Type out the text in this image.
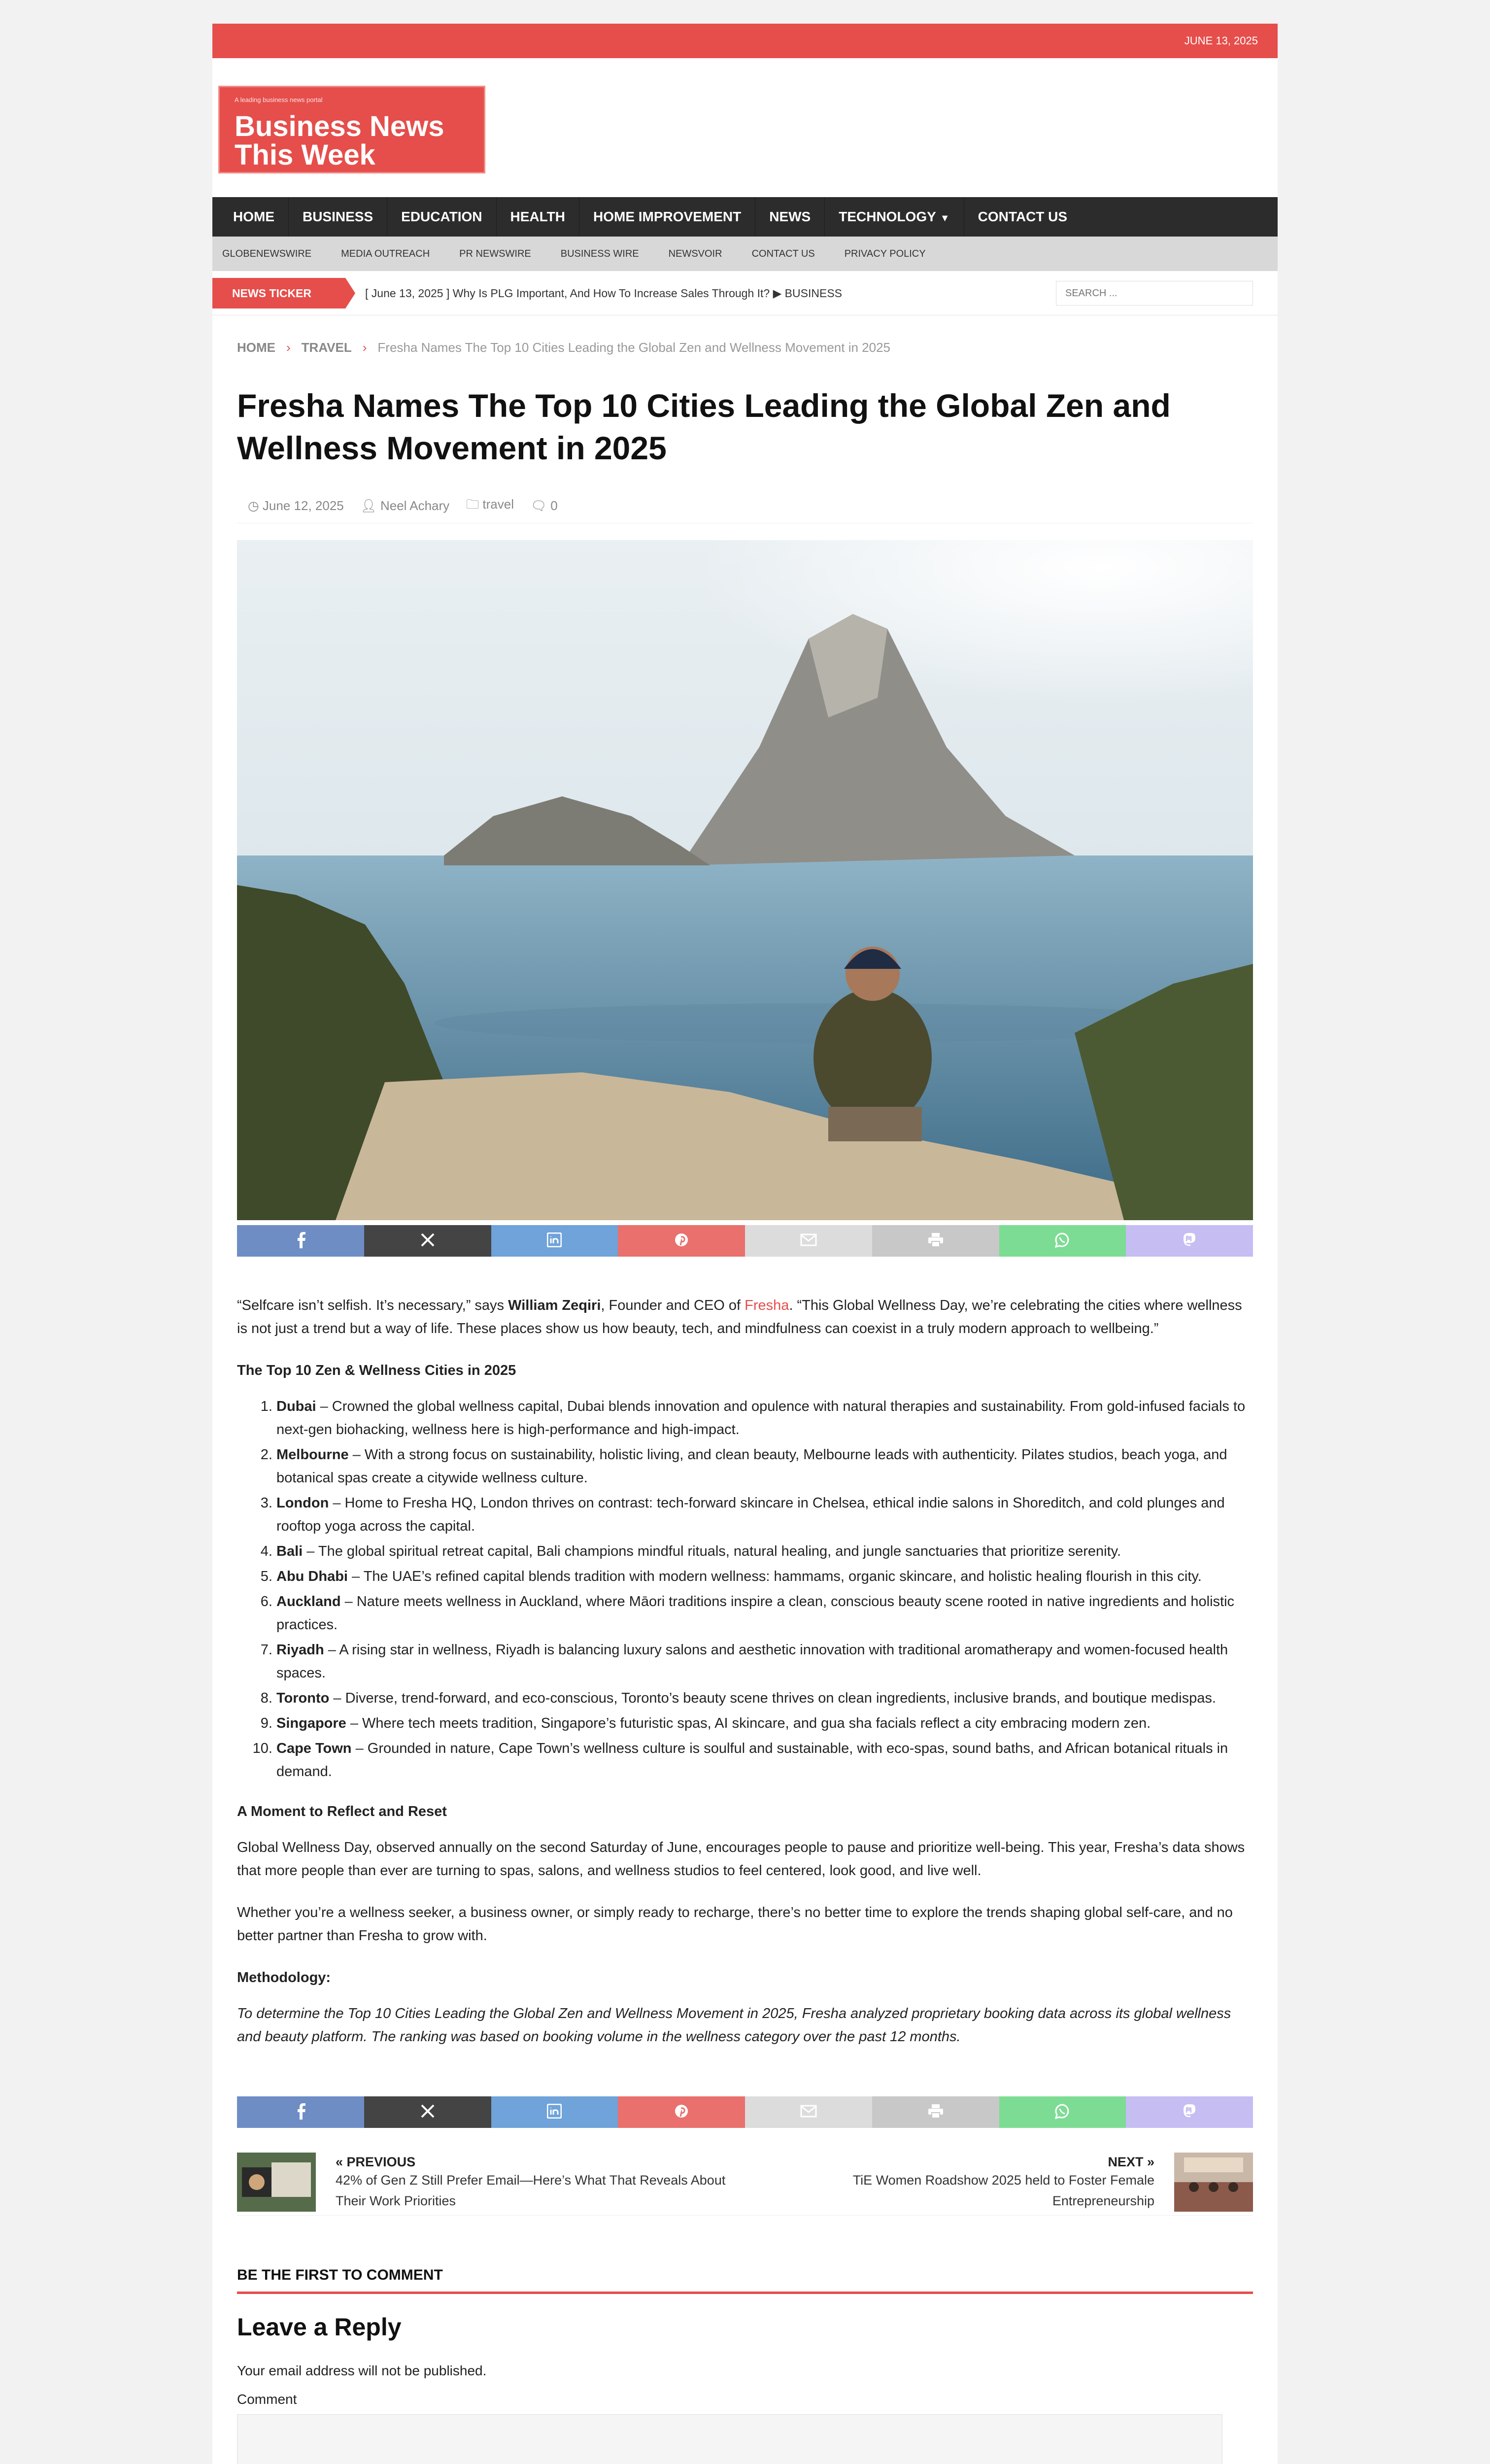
JUNE 13, 2025
A leading business news portal
Business News
This Week
HOME	BUSINESS	EDUCATION	HEALTH	HOME IMPROVEMENT	NEWS	TECHNOLOGY ▼	CONTACT US
GLOBENEWSWIRE	MEDIA OUTREACH	PR NEWSWIRE	BUSINESS WIRE	NEWSVOIR	CONTACT US	PRIVACY POLICY
NEWS TICKER	[ June 13, 2025 ] Why Is PLG Important, And How To Increase Sales Through It? ▶ BUSINESS
SEARCH ...
HOME › TRAVEL › Fresha Names The Top 10 Cities Leading the Global Zen and Wellness Movement in 2025
Fresha Names The Top 10 Cities Leading the Global Zen and Wellness Movement in 2025
◷ June 12, 2025 👤︎ Neel Achary 🗀 travel 🗨 0

“Selfcare isn’t selfish. It’s necessary,” says William Zeqiri, Founder and CEO of Fresha. “This Global Wellness Day, we’re celebrating the cities where wellness is not just a trend but a way of life. These places show us how beauty, tech, and mindfulness can coexist in a truly modern approach to wellbeing.”

The Top 10 Zen & Wellness Cities in 2025
1. Dubai – Crowned the global wellness capital, Dubai blends innovation and opulence with natural therapies and sustainability. From gold-infused facials to next-gen biohacking, wellness here is high-performance and high-impact.
2. Melbourne – With a strong focus on sustainability, holistic living, and clean beauty, Melbourne leads with authenticity. Pilates studios, beach yoga, and botanical spas create a citywide wellness culture.
3. London – Home to Fresha HQ, London thrives on contrast: tech-forward skincare in Chelsea, ethical indie salons in Shoreditch, and cold plunges and rooftop yoga across the capital.
4. Bali – The global spiritual retreat capital, Bali champions mindful rituals, natural healing, and jungle sanctuaries that prioritize serenity.
5. Abu Dhabi – The UAE’s refined capital blends tradition with modern wellness: hammams, organic skincare, and holistic healing flourish in this city.
6. Auckland – Nature meets wellness in Auckland, where Māori traditions inspire a clean, conscious beauty scene rooted in native ingredients and holistic practices.
7. Riyadh – A rising star in wellness, Riyadh is balancing luxury salons and aesthetic innovation with traditional aromatherapy and women-focused health spaces.
8. Toronto – Diverse, trend-forward, and eco-conscious, Toronto’s beauty scene thrives on clean ingredients, inclusive brands, and boutique medispas.
9. Singapore – Where tech meets tradition, Singapore’s futuristic spas, AI skincare, and gua sha facials reflect a city embracing modern zen.
10. Cape Town – Grounded in nature, Cape Town’s wellness culture is soulful and sustainable, with eco-spas, sound baths, and African botanical rituals in demand.
A Moment to Reflect and Reset

Global Wellness Day, observed annually on the second Saturday of June, encourages people to pause and prioritize well-being. This year, Fresha’s data shows that more people than ever are turning to spas, salons, and wellness studios to feel centered, look good, and live well.

Whether you’re a wellness seeker, a business owner, or simply ready to recharge, there’s no better time to explore the trends shaping global self-care, and no better partner than Fresha to grow with.

Methodology:

To determine the Top 10 Cities Leading the Global Zen and Wellness Movement in 2025, Fresha analyzed proprietary booking data across its global wellness and beauty platform. The ranking was based on booking volume in the wellness category over the past 12 months.

« PREVIOUS
42% of Gen Z Still Prefer Email—Here’s What That Reveals About Their Work Priorities
NEXT »
TiE Women Roadshow 2025 held to Foster Female Entrepreneurship
BE THE FIRST TO COMMENT
Leave a Reply
Your email address will not be published.
Comment
